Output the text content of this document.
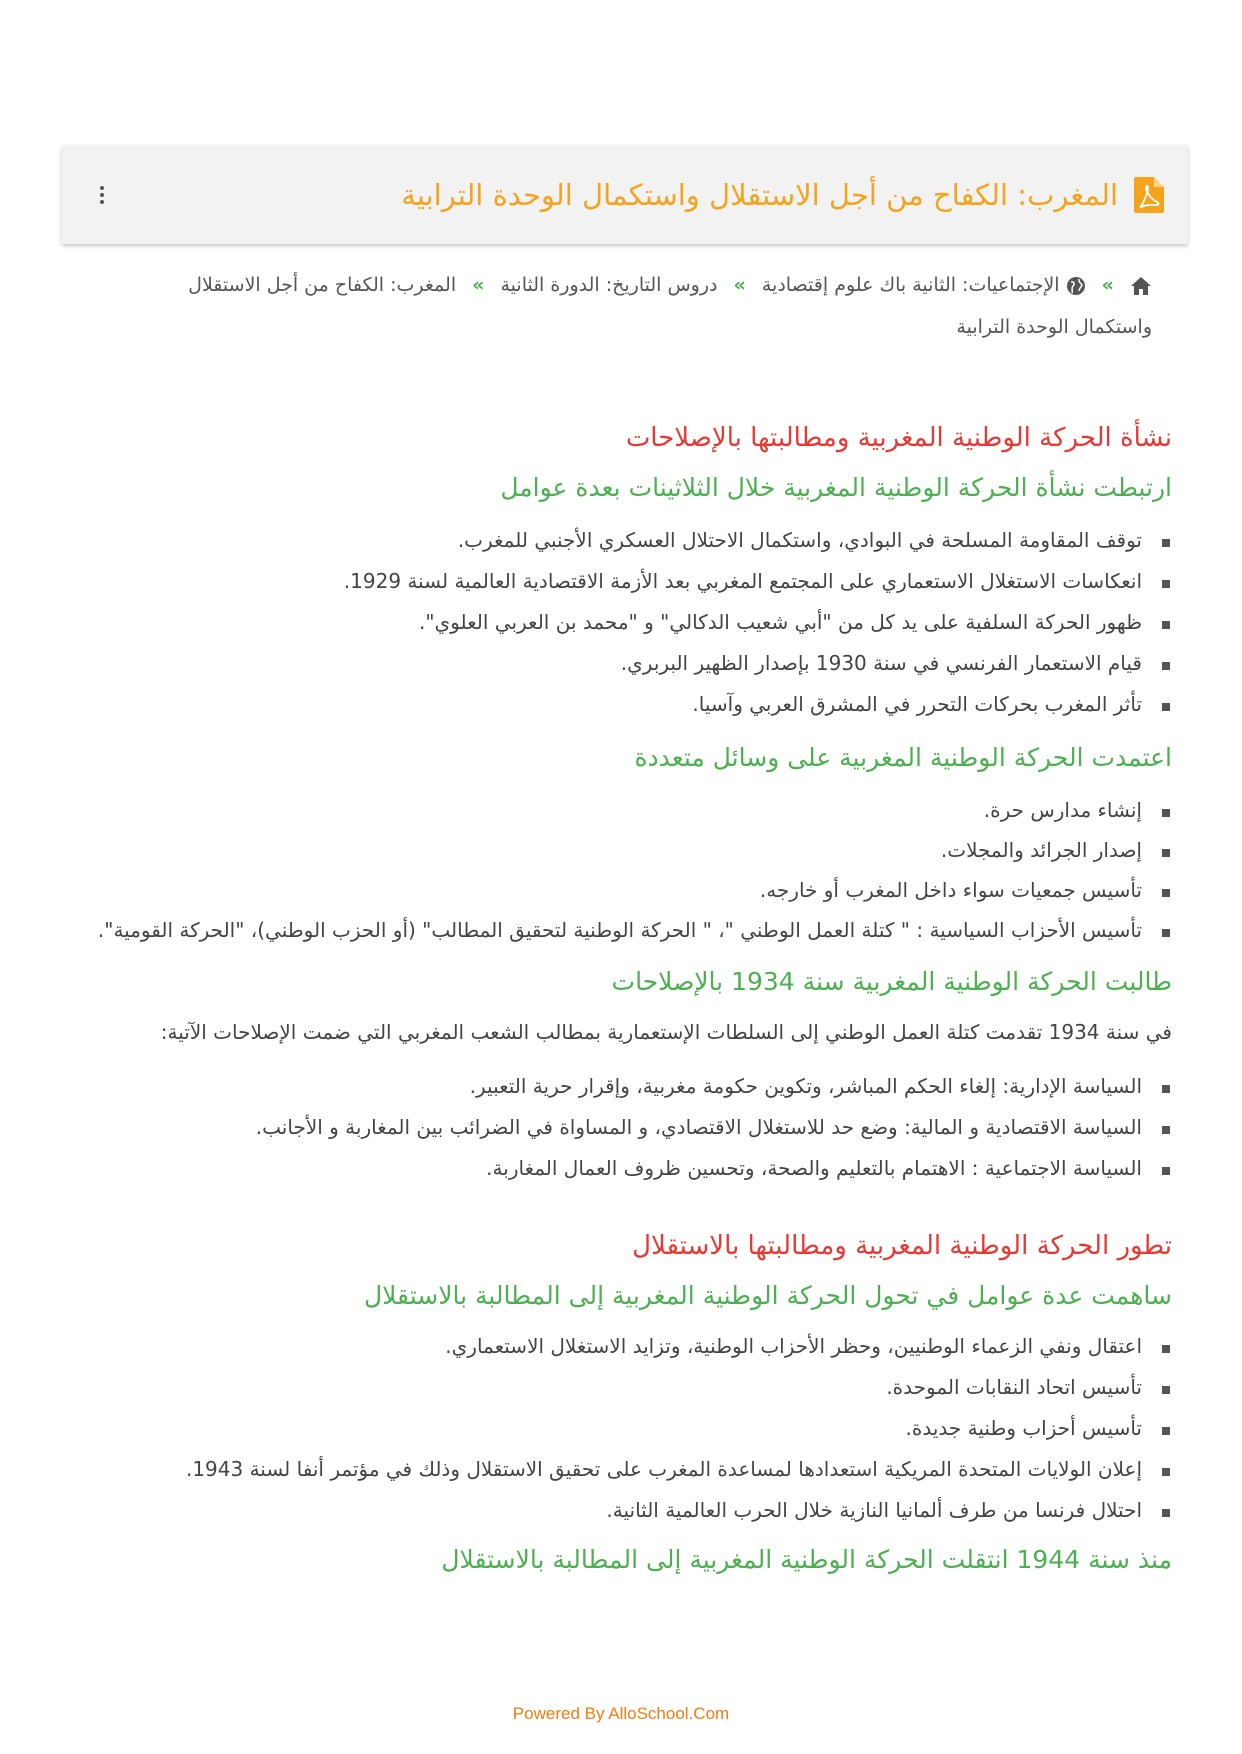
المغرب: الكفاح من أجل الاستقلال واستكمال الوحدة الترابية
»  الإجتماعيات: الثانية باك علوم إقتصادية » دروس التاريخ: الدورة الثانية » المغرب: الكفاح من أجل الاستقلال واستكمال الوحدة الترابية
نشأة الحركة الوطنية المغربية ومطالبتها بالإصلاحات
ارتبطت نشأة الحركة الوطنية المغربية خلال الثلاثينات بعدة عوامل
توقف المقاومة المسلحة في البوادي، واستكمال الاحتلال العسكري الأجنبي للمغرب.
انعكاسات الاستغلال الاستعماري على المجتمع المغربي بعد الأزمة الاقتصادية العالمية لسنة 1929.
ظهور الحركة السلفية على يد كل من "أبي شعيب الدكالي" و "محمد بن العربي العلوي".
قيام الاستعمار الفرنسي في سنة 1930 بإصدار الظهير البربري.
تأثر المغرب بحركات التحرر في المشرق العربي وآسيا.
اعتمدت الحركة الوطنية المغربية على وسائل متعددة
إنشاء مدارس حرة.
إصدار الجرائد والمجلات.
تأسيس جمعيات سواء داخل المغرب أو خارجه.
تأسيس الأحزاب السياسية : " كتلة العمل الوطني "، " الحركة الوطنية لتحقيق المطالب" (أو الحزب الوطني)، "الحركة القومية".
طالبت الحركة الوطنية المغربية سنة 1934 بالإصلاحات

في سنة 1934 تقدمت كتلة العمل الوطني إلى السلطات الإستعمارية بمطالب الشعب المغربي التي ضمت الإصلاحات الآتية:

السياسة الإدارية: إلغاء الحكم المباشر، وتكوين حكومة مغربية، وإقرار حرية التعبير.
السياسة الاقتصادية و المالية: وضع حد للاستغلال الاقتصادي، و المساواة في الضرائب بين المغاربة و الأجانب.
السياسة الاجتماعية : الاهتمام بالتعليم والصحة، وتحسين ظروف العمال المغاربة.
تطور الحركة الوطنية المغربية ومطالبتها بالاستقلال
ساهمت عدة عوامل في تحول الحركة الوطنية المغربية إلى المطالبة بالاستقلال
اعتقال ونفي الزعماء الوطنيين، وحظر الأحزاب الوطنية، وتزايد الاستغلال الاستعماري.
تأسيس اتحاد النقابات الموحدة.
تأسيس أحزاب وطنية جديدة.
إعلان الولايات المتحدة المريكية استعدادها لمساعدة المغرب على تحقيق الاستقلال وذلك في مؤتمر أنفا لسنة 1943.
احتلال فرنسا من طرف ألمانيا النازية خلال الحرب العالمية الثانية.
منذ سنة 1944 انتقلت الحركة الوطنية المغربية إلى المطالبة بالاستقلال
Powered By AlloSchool.Com
